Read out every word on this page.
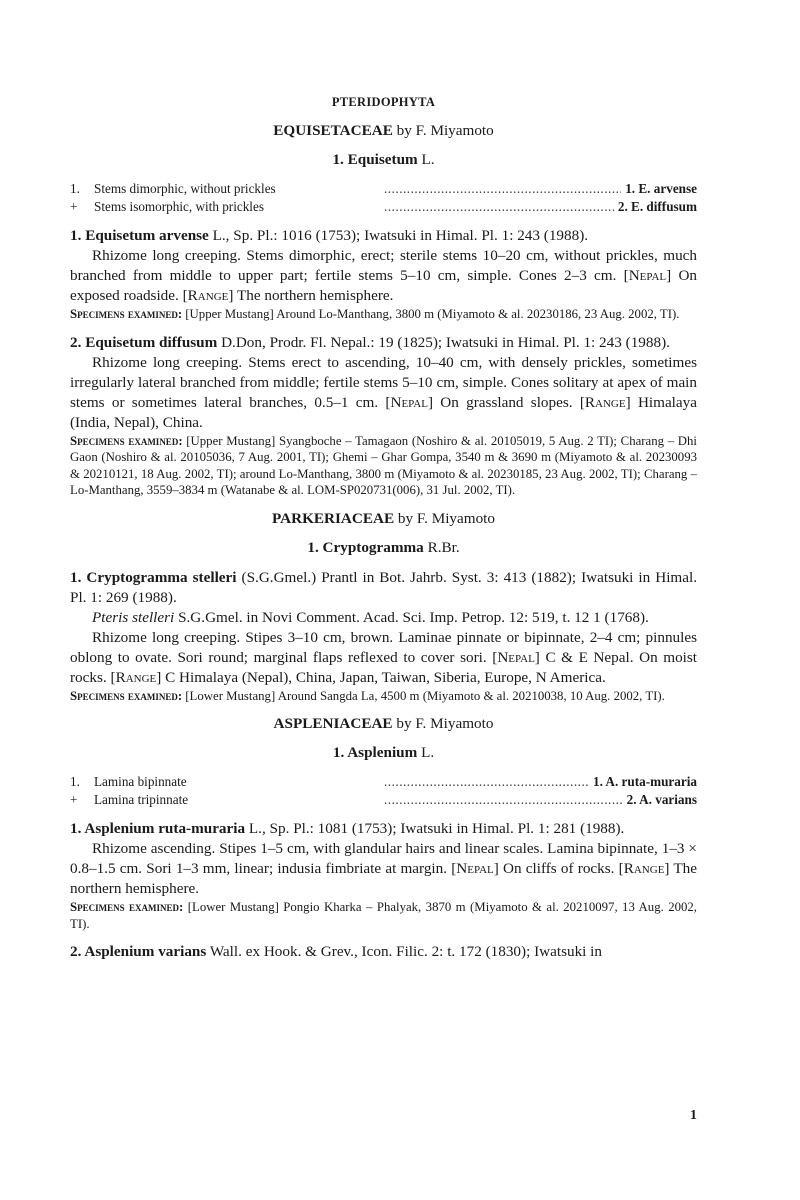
PTERIDOPHYTA
EQUISETACEAE by F. Miyamoto
1. Equisetum L.
1.	Stems dimorphic, without prickles .....	1. E. arvense
+	Stems isomorphic, with prickles .....	2. E. diffusum

1. Equisetum arvense L., Sp. Pl.: 1016 (1753); Iwatsuki in Himal. Pl. 1: 243 (1988).

Rhizome long creeping. Stems dimorphic, erect; sterile stems 10–20 cm, without prickles, much branched from middle to upper part; fertile stems 5–10 cm, simple. Cones 2–3 cm. [Nepal] On exposed roadside. [Range] The northern hemisphere.

Specimens examined: [Upper Mustang] Around Lo-Manthang, 3800 m (Miyamoto & al. 20230186, 23 Aug. 2002, TI).

2. Equisetum diffusum D.Don, Prodr. Fl. Nepal.: 19 (1825); Iwatsuki in Himal. Pl. 1: 243 (1988).

Rhizome long creeping. Stems erect to ascending, 10–40 cm, with densely prickles, sometimes irregularly lateral branched from middle; fertile stems 5–10 cm, simple. Cones solitary at apex of main stems or sometimes lateral branches, 0.5–1 cm. [Nepal] On grassland slopes. [Range] Himalaya (India, Nepal), China.

Specimens examined: [Upper Mustang] Syangboche – Tamagaon (Noshiro & al. 20105019, 5 Aug. 2 TI); Charang – Dhi Gaon (Noshiro & al. 20105036, 7 Aug. 2001, TI); Ghemi – Ghar Gompa, 3540 m & 3690 m (Miyamoto & al. 20230093 & 20210121, 18 Aug. 2002, TI); around Lo-Manthang, 3800 m (Miyamoto & al. 20230185, 23 Aug. 2002, TI); Charang – Lo-Manthang, 3559–3834 m (Watanabe & al. LOM-SP020731(006), 31 Jul. 2002, TI).

PARKERIACEAE by F. Miyamoto
1. Cryptogramma R.Br.

1. Cryptogramma stelleri (S.G.Gmel.) Prantl in Bot. Jahrb. Syst. 3: 413 (1882); Iwatsuki in Himal. Pl. 1: 269 (1988).

Pteris stelleri S.G.Gmel. in Novi Comment. Acad. Sci. Imp. Petrop. 12: 519, t. 12 1 (1768).

Rhizome long creeping. Stipes 3–10 cm, brown. Laminae pinnate or bipinnate, 2–4 cm; pinnules oblong to ovate. Sori round; marginal flaps reflexed to cover sori. [Nepal] C & E Nepal. On moist rocks. [Range] C Himalaya (Nepal), China, Japan, Taiwan, Siberia, Europe, N America.

Specimens examined: [Lower Mustang] Around Sangda La, 4500 m (Miyamoto & al. 20210038, 10 Aug. 2002, TI).

ASPLENIACEAE by F. Miyamoto
1. Asplenium L.
1.	Lamina bipinnate .....	1. A. ruta-muraria
+	Lamina tripinnate .....	2. A. varians

1. Asplenium ruta-muraria L., Sp. Pl.: 1081 (1753); Iwatsuki in Himal. Pl. 1: 281 (1988).

Rhizome ascending. Stipes 1–5 cm, with glandular hairs and linear scales. Lamina bipinnate, 1–3 × 0.8–1.5 cm. Sori 1–3 mm, linear; indusia fimbriate at margin. [Nepal] On cliffs of rocks. [Range] The northern hemisphere.

Specimens examined: [Lower Mustang] Pongio Kharka – Phalyak, 3870 m (Miyamoto & al. 20210097, 13 Aug. 2002, TI).

2. Asplenium varians Wall. ex Hook. & Grev., Icon. Filic. 2: t. 172 (1830); Iwatsuki in

1
